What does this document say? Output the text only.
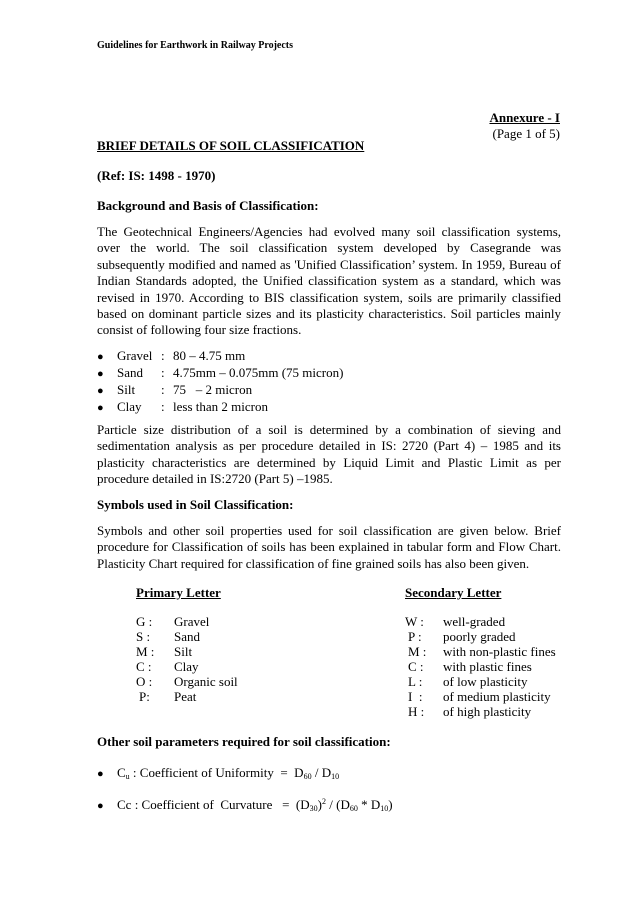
Guidelines for Earthwork in Railway Projects
Annexure - I
(Page 1 of 5)
BRIEF DETAILS OF SOIL CLASSIFICATION
(Ref: IS: 1498 - 1970)
Background and Basis of Classification:
The Geotechnical Engineers/Agencies had evolved many soil classification systems, over the world. The soil classification system developed by Casegrande was subsequently modified and named as 'Unified Classification’ system. In 1959, Bureau of Indian Standards adopted, the Unified classification system as a standard, which was revised in 1970. According to BIS classification system, soils are primarily classified based on dominant particle sizes and its plasticity characteristics. Soil particles mainly consist of following four size fractions.
● Gravel : 80 – 4.75 mm
● Sand : 4.75mm – 0.075mm (75 micron)
● Silt : 75   – 2 micron
● Clay : less than 2 micron
Particle size distribution of a soil is determined by a combination of sieving and sedimentation analysis as per procedure detailed in IS: 2720 (Part 4) – 1985 and its plasticity characteristics are determined by Liquid Limit and Plastic Limit as per procedure detailed in IS:2720 (Part 5) –1985.
Symbols used in Soil Classification:
Symbols and other soil properties used for soil classification are given below. Brief procedure for Classification of soils has been explained in tabular form and Flow Chart. Plasticity Chart required for classification of fine grained soils has also been given.
Primary Letter
G : Gravel
S : Sand
M : Silt
C : Clay
O : Organic soil
P: Peat
Secondary Letter
W : well-graded
P : poorly graded
M : with non-plastic fines
C : with plastic fines
L : of low plasticity
I  : of medium plasticity
H : of high plasticity
Other soil parameters required for soil classification:
● $C_u$ : Coefficient of Uniformity  =  $D_{60} / D_{10}$
● Cc : Coefficient of  Curvature   =  $(D_{30})^2 / (D_{60} * D_{10})$
